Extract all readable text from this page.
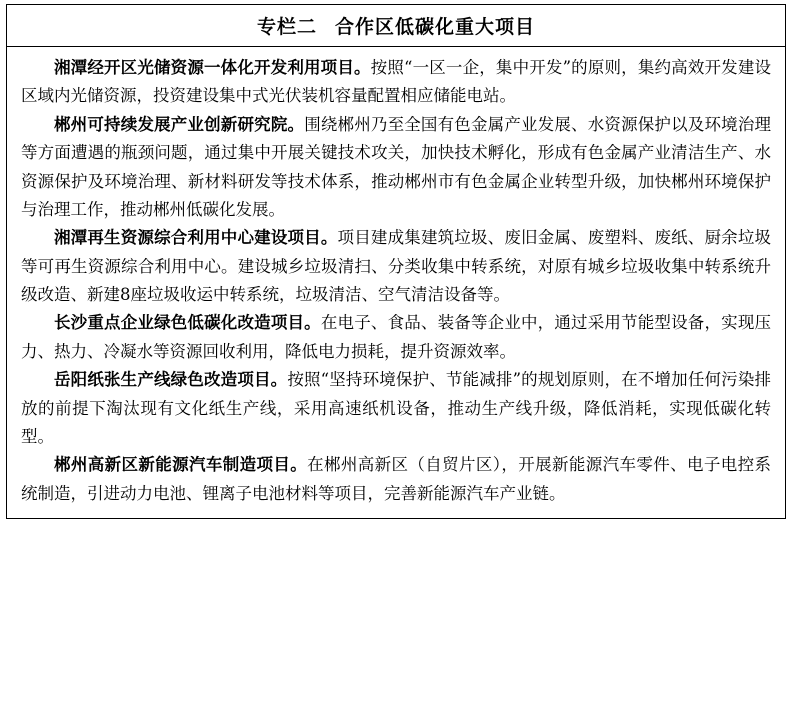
专栏二 合作区低碳化重大项目

湘潭经开区光储资源一体化开发利用项目。按照“一区一企，集中开发”的原则，集约高效开发建设区域内光储资源，投资建设集中式光伏装机容量配置相应储能电站。

郴州可持续发展产业创新研究院。围绕郴州乃至全国有色金属产业发展、水资源保护以及环境治理等方面遭遇的瓶颈问题，通过集中开展关键技术攻关，加快技术孵化，形成有色金属产业清洁生产、水资源保护及环境治理、新材料研发等技术体系，推动郴州市有色金属企业转型升级，加快郴州环境保护与治理工作，推动郴州低碳化发展。

湘潭再生资源综合利用中心建设项目。项目建成集建筑垃圾、废旧金属、废塑料、废纸、厨余垃圾等可再生资源综合利用中心。建设城乡垃圾清扫、分类收集中转系统，对原有城乡垃圾收集中转系统升级改造、新建8座垃圾收运中转系统，垃圾清洁、空气清洁设备等。

长沙重点企业绿色低碳化改造项目。在电子、食品、装备等企业中，通过采用节能型设备，实现压力、热力、冷凝水等资源回收利用，降低电力损耗，提升资源效率。

岳阳纸张生产线绿色改造项目。按照“坚持环境保护、节能减排”的规划原则，在不增加任何污染排放的前提下淘汰现有文化纸生产线，采用高速纸机设备，推动生产线升级，降低消耗，实现低碳化转型。

郴州高新区新能源汽车制造项目。在郴州高新区（自贸片区），开展新能源汽车零件、电子电控系统制造，引进动力电池、锂离子电池材料等项目，完善新能源汽车产业链。
